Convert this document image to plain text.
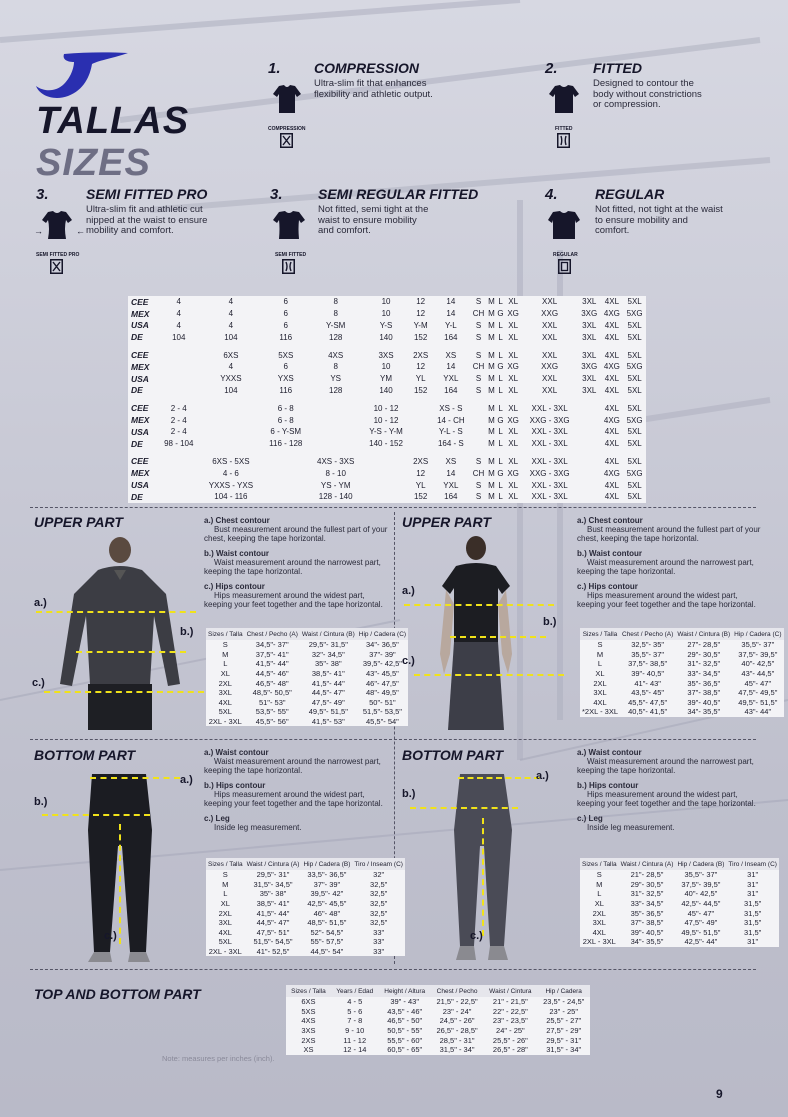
TALLAS
SIZES
1. COMPRESSION
Ultra-slim fit that enhances flexibility and athletic output.
COMPRESSION
2.	FITTED
Designed to contour the body without constrictions or compression.
FITTED
3.	SEMI FITTED PRO
Ultra-slim fit and athletic cut nipped at the waist to ensure mobility and comfort.
→	←
SEMI FITTED PRO
3.	SEMI REGULAR FITTED
Not fitted, semi tight at the waist to ensure mobility and comfort.
SEMI FITTED
4.	REGULAR
Not fitted, not tight at the waist to ensure mobility and comfort.
REGULAR
CEE	4	4	6	8	10	12	14	S	M	L	XL	XXL	3XL	4XL	5XL
MEX	4	4	6	8	10	12	14	CH	M	G	XG	XXG	3XG	4XG	5XG
USA	4	4	6	Y-SM	Y-S	Y-M	Y-L	S	M	L	XL	XXL	3XL	4XL	5XL
DE	104	104	116	128	140	152	164	S	M	L	XL	XXL	3XL	4XL	5XL

CEE		6XS	5XS	4XS	3XS	2XS	XS	S	M	L	XL	XXL	3XL	4XL	5XL
MEX		4	6	8	10	12	14	CH	M	G	XG	XXG	3XG	4XG	5XG
USA		YXXS	YXS	YS	YM	YL	YXL	S	M	L	XL	XXL	3XL	4XL	5XL
DE		104	116	128	140	152	164	S	M	L	XL	XXL	3XL	4XL	5XL

CEE	2 - 4		6 - 8		10 - 12		XS - S		M	L	XL	XXL - 3XL		4XL	5XL
MEX	2 - 4		6 - 8		10 - 12		14 - CH		M	G	XG	XXG - 3XG		4XG	5XG
USA	2 - 4		6 - Y-SM		Y-S - Y-M		Y-L - S		M	L	XL	XXL - 3XL		4XL	5XL
DE	98 - 104		116 - 128		140 - 152		164 - S		M	L	XL	XXL - 3XL		4XL	5XL

CEE		6XS - 5XS		4XS - 3XS		2XS	XS	S	M	L	XL	XXL - 3XL		4XL	5XL
MEX		4 - 6		8 - 10		12	14	CH	M	G	XG	XXG - 3XG		4XG	5XG
USA		YXXS - YXS		YS - YM		YL	YXL	S	M	L	XL	XXL - 3XL		4XL	5XL
DE		104 - 116		128 - 140		152	164	S	M	L	XL	XXL - 3XL		4XL	5XL
UPPER PART
a.)
b.)
c.)

a.) Chest contour
Bust measurement around the fullest part of your chest, keeping the tape horizontal.

b.) Waist contour
Waist measurement around the narrowest part, keeping the tape horizontal.

c.) Hips contour
Hips measurement around the widest part, keeping your feet together and the tape horizontal.

Sizes / Talla	Chest / Pecho (A)	Waist / Cintura (B)	Hip / Cadera (C)
S	34,5"- 37"	29,5"- 31,5"	34"- 36,5"
M	37,5"- 41"	32"- 34,5"	37"- 39"
L	41,5"- 44"	35"- 38"	39,5"- 42,5"
XL	44,5"- 46"	38,5"- 41"	43"- 45,5"
2XL	46,5"- 48"	41,5"- 44"	46"- 47,5"
3XL	48,5"- 50,5"	44,5"- 47"	48"- 49,5"
4XL	51"- 53"	47,5"- 49"	50"- 51"
5XL	53,5"- 55"	49,5"- 51,5"	51,5"- 53,5"
2XL - 3XL	45,5"- 56"	41,5"- 53"	45,5"- 54"
UPPER PART
a.)
b.)
c.)

a.) Chest contour
Bust measurement around the fullest part of your chest, keeping the tape horizontal.

b.) Waist contour
Waist measurement around the narrowest part, keeping the tape horizontal.

c.) Hips contour
Hips measurement around the widest part, keeping your feet together and the tape horizontal.

Sizes / Talla	Chest / Pecho (A)	Waist / Cintura (B)	Hip / Cadera (C)
S	32,5"- 35"	27"- 28,5"	35,5"- 37"
M	35,5"- 37"	29"- 30,5"	37,5"- 39,5"
L	37,5"- 38,5"	31"- 32,5"	40"- 42,5"
XL	39"- 40,5"	33"- 34,5"	43"- 44,5"
2XL	41"- 43"	35"- 36,5"	45"- 47"
3XL	43,5"- 45"	37"- 38,5"	47,5"- 49,5"
4XL	45,5"- 47,5"	39"- 40,5"	49,5"- 51,5"
*2XL - 3XL	40,5"- 41,5"	34"- 35,5"	43"- 44"
BOTTOM PART
a.)
b.)
c.)

a.) Waist contour
Waist measurement around the narrowest part, keeping the tape horizontal.

b.) Hips contour
Hips measurement around the widest part, keeping your feet together and the tape horizontal.

c.) Leg
Inside leg measurement.

Sizes / Talla	Waist / Cintura (A)	Hip / Cadera (B)	Tiro / Inseam (C)
S	29,5"- 31"	33,5"- 36,5"	32"
M	31,5"- 34,5"	37"- 39"	32,5"
L	35"- 38"	39,5"- 42"	32,5"
XL	38,5"- 41"	42,5"- 45,5"	32,5"
2XL	41,5"- 44"	46"- 48"	32,5"
3XL	44,5"- 47"	48,5"- 51,5"	32,5"
4XL	47,5"- 51"	52"- 54,5"	33"
5XL	51,5"- 54,5"	55"- 57,5"	33"
2XL - 3XL	41"- 52,5"	44,5"- 54"	33"
BOTTOM PART
a.)
b.)
c.)

a.) Waist contour
Waist measurement around the narrowest part, keeping the tape horizontal.

b.) Hips contour
Hips measurement around the widest part, keeping your feet together and the tape horizontal.

c.) Leg
Inside leg measurement.

Sizes / Talla	Waist / Cintura (A)	Hip / Cadera (B)	Tiro / Inseam (C)
S	21"- 28,5"	35,5"- 37"	31"
M	29"- 30,5"	37,5"- 39,5"	31"
L	31"- 32,5"	40"- 42,5"	31"
XL	33"- 34,5"	42,5"- 44,5"	31,5"
2XL	35"- 36,5"	45"- 47"	31,5"
3XL	37"- 38,5"	47,5"- 49"	31,5"
4XL	39"- 40,5"	49,5"- 51,5"	31,5"
2XL - 3XL	34"- 35,5"	42,5"- 44"	31"
TOP AND BOTTOM PART	Sizes / Talla	Years / Edad	Height / Altura	Chest / Pecho	Waist / Cintura	Hip / Cadera
6XS	4 - 5	39" - 43"	21,5" - 22,5"	21" - 21,5"	23,5" - 24,5"
5XS	5 - 6	43,5" - 46"	23" - 24"	22" - 22,5"	23" - 25"
4XS	7 - 8	46,5" - 50"	24,5" - 26"	23" - 23,5"	25,5" - 27"
3XS	9 - 10	50,5" - 55"	26,5" - 28,5"	24" - 25"	27,5" - 29"
2XS	11 - 12	55,5" - 60"	28,5" - 31"	25,5" - 26"	29,5" - 31"
XS	12 - 14	60,5" - 65"	31,5" - 34"	26,5" - 28"	31,5" - 34"
Note: measures per inches (inch).
9
